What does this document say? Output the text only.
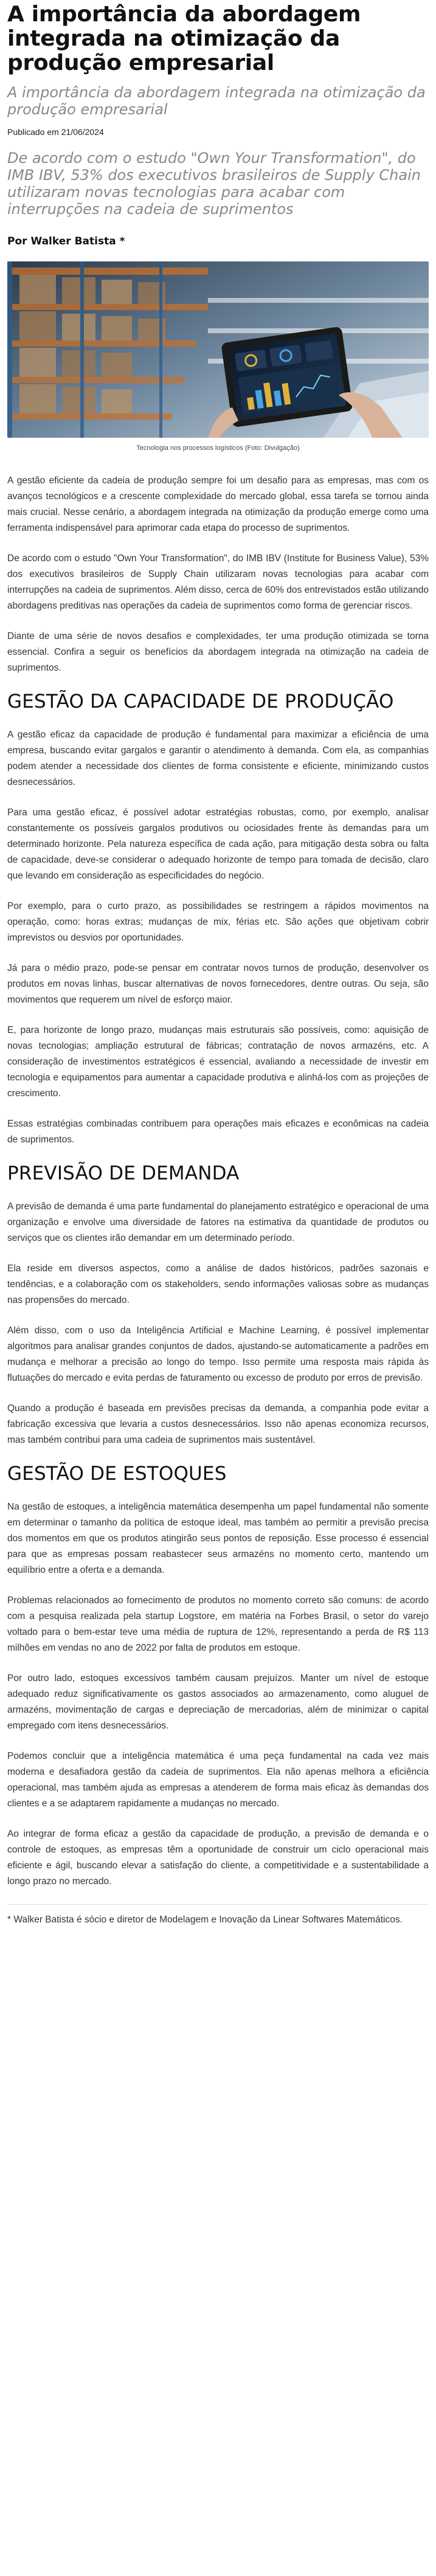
A importância da abordagem integrada na otimização da produção empresarial
A importância da abordagem integrada na otimização da produção empresarial
Publicado em 21/06/2024
De acordo com o estudo "Own Your Transformation", do IMB IBV, 53% dos executivos brasileiros de Supply Chain utilizaram novas tecnologias para acabar com interrupções na cadeia de suprimentos
Por Walker Batista *
Tecnologia nos processos logísticos (Foto: Divulgação)

A gestão eficiente da cadeia de produção sempre foi um desafio para as empresas, mas com os avanços tecnológicos e a crescente complexidade do mercado global, essa tarefa se tornou ainda mais crucial. Nesse cenário, a abordagem integrada na otimização da produção emerge como uma ferramenta indispensável para aprimorar cada etapa do processo de suprimentos.

De acordo com o estudo "Own Your Transformation", do IMB IBV (Institute for Business Value), 53% dos executivos brasileiros de Supply Chain utilizaram novas tecnologias para acabar com interrupções na cadeia de suprimentos. Além disso, cerca de 60% dos entrevistados estão utilizando abordagens preditivas nas operações da cadeia de suprimentos como forma de gerenciar riscos.

Diante de uma série de novos desafios e complexidades, ter uma produção otimizada se torna essencial. Confira a seguir os benefícios da abordagem integrada na otimização na cadeia de suprimentos.

GESTÃO DA CAPACIDADE DE PRODUÇÃO

A gestão eficaz da capacidade de produção é fundamental para maximizar a eficiência de uma empresa, buscando evitar gargalos e garantir o atendimento à demanda. Com ela, as companhias podem atender a necessidade dos clientes de forma consistente e eficiente, minimizando custos desnecessários.

Para uma gestão eficaz, é possível adotar estratégias robustas, como, por exemplo, analisar constantemente os possíveis gargalos produtivos ou ociosidades frente às demandas para um determinado horizonte. Pela natureza específica de cada ação, para mitigação desta sobra ou falta de capacidade, deve-se considerar o adequado horizonte de tempo para tomada de decisão, claro que levando em consideração as especificidades do negócio.

Por exemplo, para o curto prazo, as possibilidades se restringem a rápidos movimentos na operação, como: horas extras; mudanças de mix, férias etc. São ações que objetivam cobrir imprevistos ou desvios por oportunidades.

Já para o médio prazo, pode-se pensar em contratar novos turnos de produção, desenvolver os produtos em novas linhas, buscar alternativas de novos fornecedores, dentre outras. Ou seja, são movimentos que requerem um nível de esforço maior.

E, para horizonte de longo prazo, mudanças mais estruturais são possíveis, como: aquisição de novas tecnologias; ampliação estrutural de fábricas; contratação de novos armazéns, etc. A consideração de investimentos estratégicos é essencial, avaliando a necessidade de investir em tecnologia e equipamentos para aumentar a capacidade produtiva e alinhá-los com as projeções de crescimento.

Essas estratégias combinadas contribuem para operações mais eficazes e econômicas na cadeia de suprimentos.

PREVISÃO DE DEMANDA

A previsão de demanda é uma parte fundamental do planejamento estratégico e operacional de uma organização e envolve uma diversidade de fatores na estimativa da quantidade de produtos ou serviços que os clientes irão demandar em um determinado período.

Ela reside em diversos aspectos, como a análise de dados históricos, padrões sazonais e tendências, e a colaboração com os stakeholders, sendo informações valiosas sobre as mudanças nas propensões do mercado.

Além disso, com o uso da Inteligência Artificial e Machine Learning, é possível implementar algoritmos para analisar grandes conjuntos de dados, ajustando-se automaticamente a padrões em mudança e melhorar a precisão ao longo do tempo. Isso permite uma resposta mais rápida às flutuações do mercado e evita perdas de faturamento ou excesso de produto por erros de previsão.

Quando a produção é baseada em previsões precisas da demanda, a companhia pode evitar a fabricação excessiva que levaria a custos desnecessários. Isso não apenas economiza recursos, mas também contribui para uma cadeia de suprimentos mais sustentável.

GESTÃO DE ESTOQUES

Na gestão de estoques, a inteligência matemática desempenha um papel fundamental não somente em determinar o tamanho da política de estoque ideal, mas também ao permitir a previsão precisa dos momentos em que os produtos atingirão seus pontos de reposição. Esse processo é essencial para que as empresas possam reabastecer seus armazéns no momento certo, mantendo um equilíbrio entre a oferta e a demanda.

Problemas relacionados ao fornecimento de produtos no momento correto são comuns: de acordo com a pesquisa realizada pela startup Logstore, em matéria na Forbes Brasil, o setor do varejo voltado para o bem-estar teve uma média de ruptura de 12%, representando a perda de R$ 113 milhões em vendas no ano de 2022 por falta de produtos em estoque.

Por outro lado, estoques excessivos também causam prejuízos. Manter um nível de estoque adequado reduz significativamente os gastos associados ao armazenamento, como aluguel de armazéns, movimentação de cargas e depreciação de mercadorias, além de minimizar o capital empregado com itens desnecessários.

Podemos concluir que a inteligência matemática é uma peça fundamental na cada vez mais moderna e desafiadora gestão da cadeia de suprimentos. Ela não apenas melhora a eficiência operacional, mas também ajuda as empresas a atenderem de forma mais eficaz às demandas dos clientes e a se adaptarem rapidamente a mudanças no mercado.

Ao integrar de forma eficaz a gestão da capacidade de produção, a previsão de demanda e o controle de estoques, as empresas têm a oportunidade de construir um ciclo operacional mais eficiente e ágil, buscando elevar a satisfação do cliente, a competitividade e a sustentabilidade a longo prazo no mercado.

* Walker Batista é sócio e diretor de Modelagem e Inovação da Linear Softwares Matemáticos.
